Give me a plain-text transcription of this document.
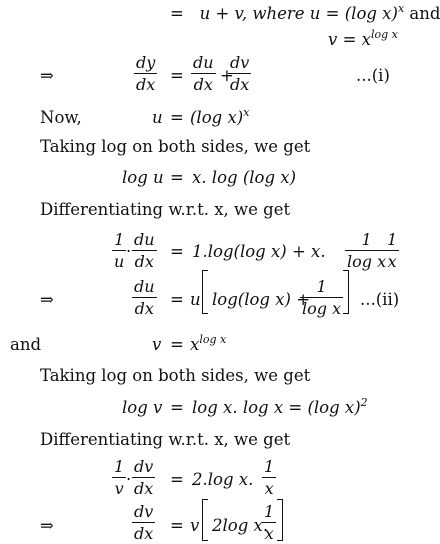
= u + v, where u = (log x)$^x$ and
$v = x^{log x}$
⇒
dy
dx =
du
dx +
dv
dx	...(i)
Now,	u = (log x)$^x$
Taking log on both sides, we get
log u = x. log (log x)
Differentiating w.r.t. x, we get
1
u
·
du
dx
= 1.log(log x) + x.
1
log x
1
x
⇒
du
dx = u log(log x) +
1
log x ...(ii)
and	$v = x^{log x}$
Taking log on both sides, we get
log v = log x. log x = (log x)$^2$
Differentiating w.r.t. x, we get
1
v ·
dv
dx = 2.log x.
1
x
⇒
dv
dx = v 2log x.
1
x
